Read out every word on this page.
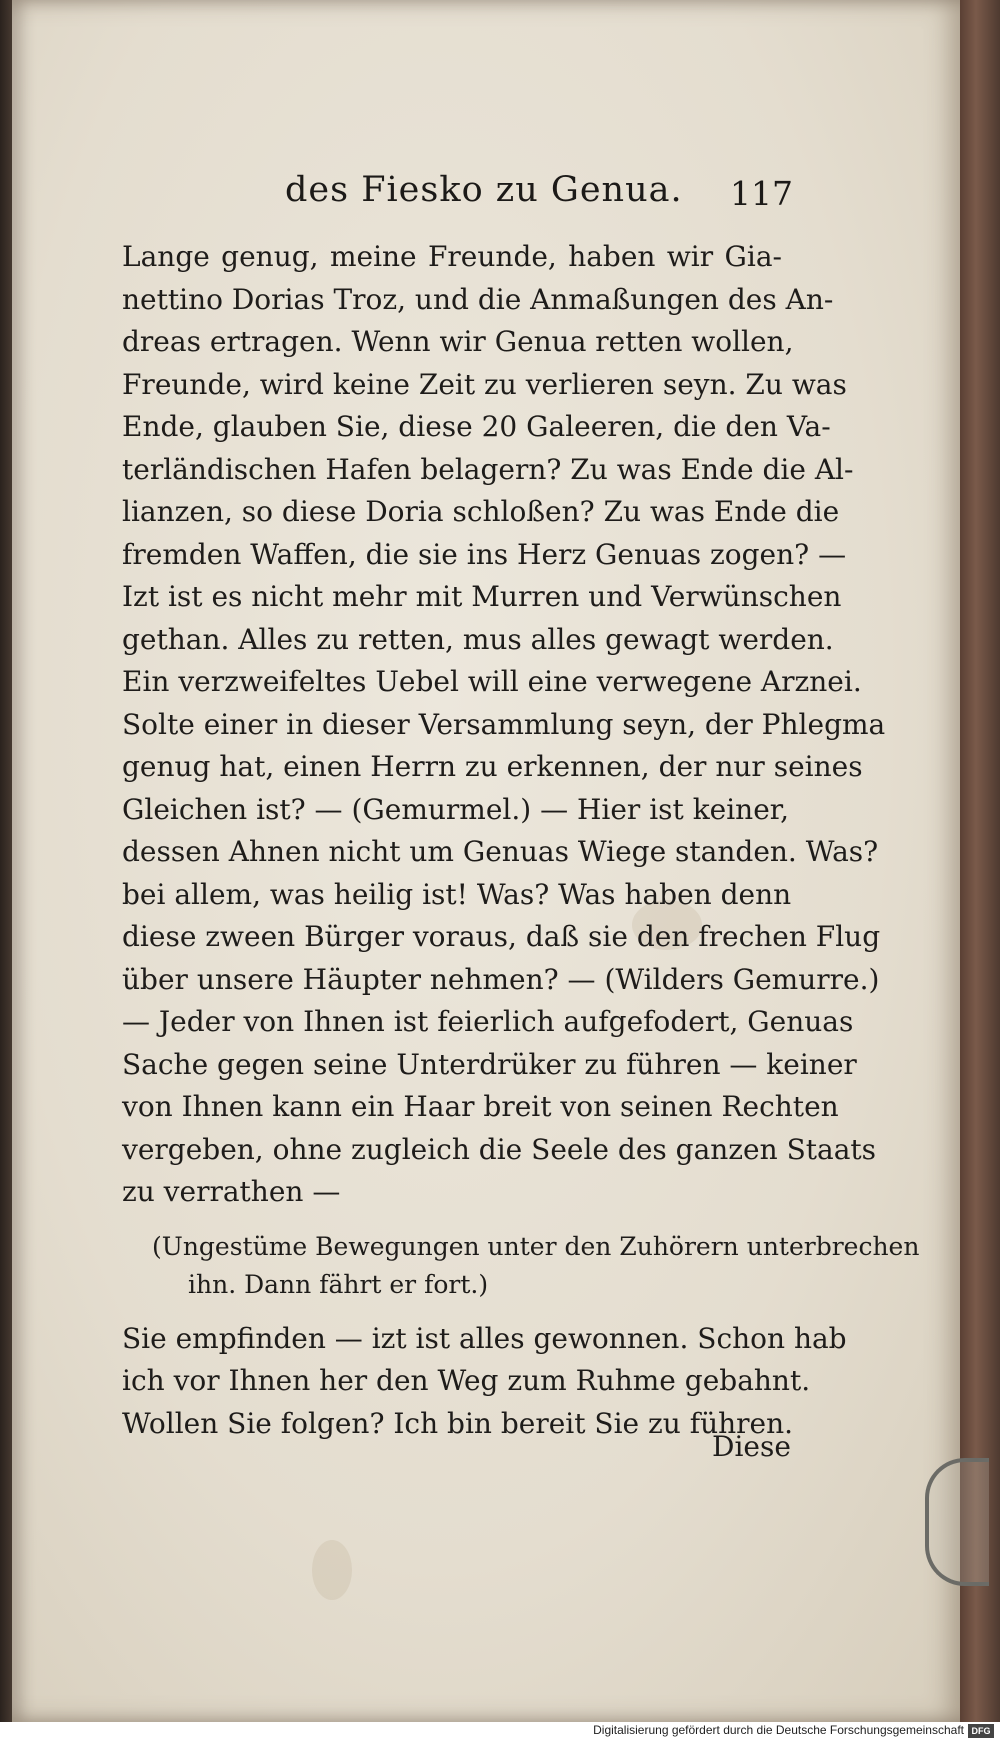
des Fiesko zu Genua.	117
Lange genug, meine Freunde, haben wir Gia-
nettino Dorias Troz, und die Anmaßungen des An-
dreas ertragen. Wenn wir Genua retten wollen,
Freunde, wird keine Zeit zu verlieren seyn. Zu was
Ende, glauben Sie, diese 20 Galeeren, die den Va-
terländischen Hafen belagern? Zu was Ende die Al-
lianzen, so diese Doria schloßen? Zu was Ende die
fremden Waffen, die sie ins Herz Genuas zogen? —
Izt ist es nicht mehr mit Murren und Verwünschen
gethan. Alles zu retten, mus alles gewagt werden.
Ein verzweifeltes Uebel will eine verwegene Arznei.
Solte einer in dieser Versammlung seyn, der Phlegma
genug hat, einen Herrn zu erkennen, der nur seines
Gleichen ist? — (Gemurmel.) — Hier ist keiner,
dessen Ahnen nicht um Genuas Wiege standen. Was?
bei allem, was heilig ist! Was? Was haben denn
diese zween Bürger voraus, daß sie den frechen Flug
über unsere Häupter nehmen? — (Wilders Gemurre.)
— Jeder von Ihnen ist feierlich aufgefodert, Genuas
Sache gegen seine Unterdrüker zu führen — keiner
von Ihnen kann ein Haar breit von seinen Rechten
vergeben, ohne zugleich die Seele des ganzen Staats
zu verrathen —
(Ungestüme Bewegungen unter den Zuhörern unterbrechen
ihn. Dann fährt er fort.)
Sie empfinden — izt ist alles gewonnen. Schon hab
ich vor Ihnen her den Weg zum Ruhme gebahnt.
Wollen Sie folgen? Ich bin bereit Sie zu führen.
Diese
Digitalisierung gefördert durch die Deutsche Forschungsgemeinschaft DFG
